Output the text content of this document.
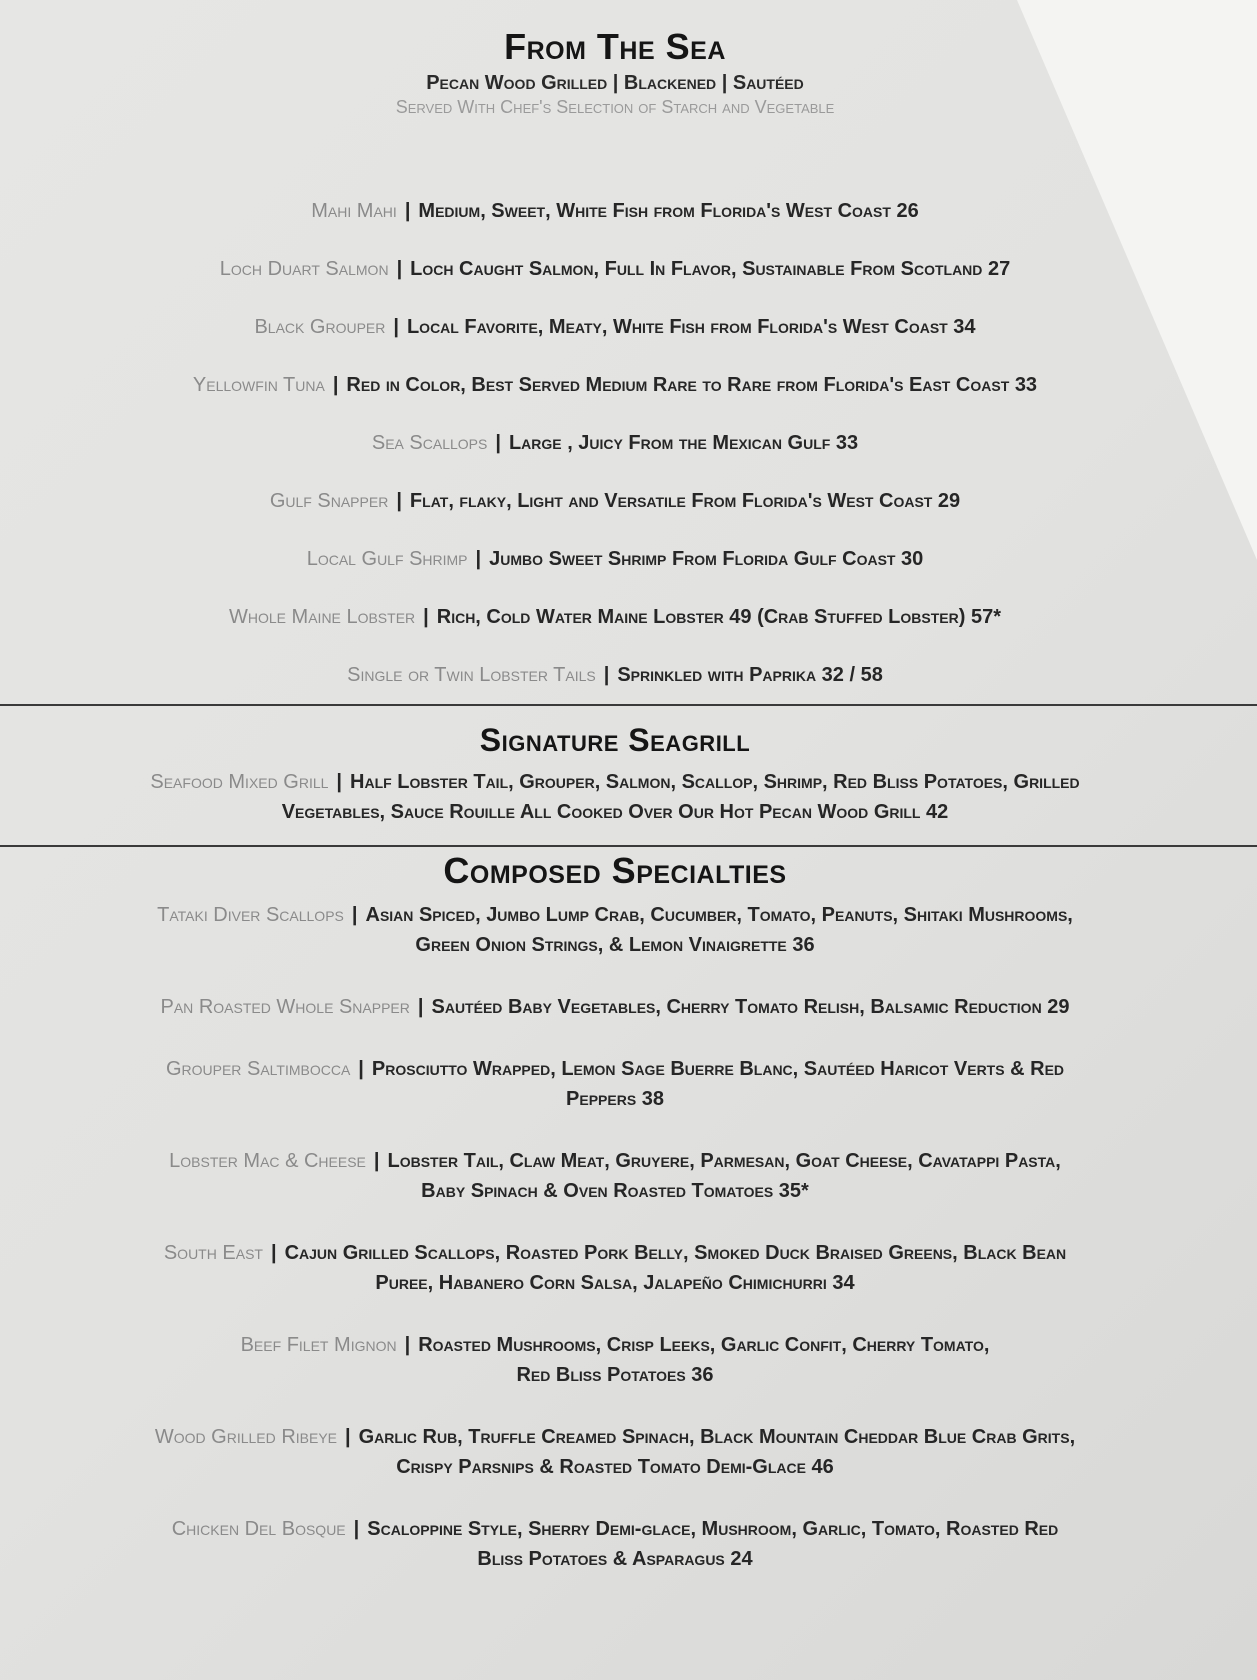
From The Sea
Pecan Wood Grilled | Blackened | Sautéed
Served With Chef's Selection of Starch and Vegetable
Mahi Mahi | Medium, Sweet, White Fish from Florida's West Coast 26
Loch Duart Salmon | Loch Caught Salmon, Full In Flavor, Sustainable From Scotland 27
Black Grouper | Local Favorite, Meaty, White Fish from Florida's West Coast 34
Yellowfin Tuna | Red in Color, Best Served Medium Rare to Rare from Florida's East Coast 33
Sea Scallops | Large , Juicy From the Mexican Gulf 33
Gulf Snapper | Flat, flaky, Light and Versatile From Florida's West Coast 29
Local Gulf Shrimp | Jumbo Sweet Shrimp From Florida Gulf Coast 30
Whole Maine Lobster | Rich, Cold Water Maine Lobster 49 (Crab Stuffed Lobster) 57*
Single or Twin Lobster Tails | Sprinkled with Paprika 32 / 58
Signature Seagrill
Seafood Mixed Grill | Half Lobster Tail, Grouper, Salmon, Scallop, Shrimp, Red Bliss Potatoes, Grilled
Vegetables, Sauce Rouille All Cooked Over Our Hot Pecan Wood Grill 42
Composed Specialties
Tataki Diver Scallops | Asian Spiced, Jumbo Lump Crab, Cucumber, Tomato, Peanuts, Shitaki Mushrooms,
Green Onion Strings, & Lemon Vinaigrette 36
Pan Roasted Whole Snapper | Sautéed Baby Vegetables, Cherry Tomato Relish, Balsamic Reduction 29
Grouper Saltimbocca | Prosciutto Wrapped, Lemon Sage Buerre Blanc, Sautéed Haricot Verts & Red
Peppers 38
Lobster Mac & Cheese | Lobster Tail, Claw Meat, Gruyere, Parmesan, Goat Cheese, Cavatappi Pasta,
Baby Spinach & Oven Roasted Tomatoes 35*
South East | Cajun Grilled Scallops, Roasted Pork Belly, Smoked Duck Braised Greens, Black Bean
Puree, Habanero Corn Salsa, Jalapeño Chimichurri 34
Beef Filet Mignon | Roasted Mushrooms, Crisp Leeks, Garlic Confit, Cherry Tomato,
Red Bliss Potatoes 36
Wood Grilled Ribeye | Garlic Rub, Truffle Creamed Spinach, Black Mountain Cheddar Blue Crab Grits,
Crispy Parsnips & Roasted Tomato Demi-Glace 46
Chicken Del Bosque | Scaloppine Style, Sherry Demi-glace, Mushroom, Garlic, Tomato, Roasted Red
Bliss Potatoes & Asparagus 24
